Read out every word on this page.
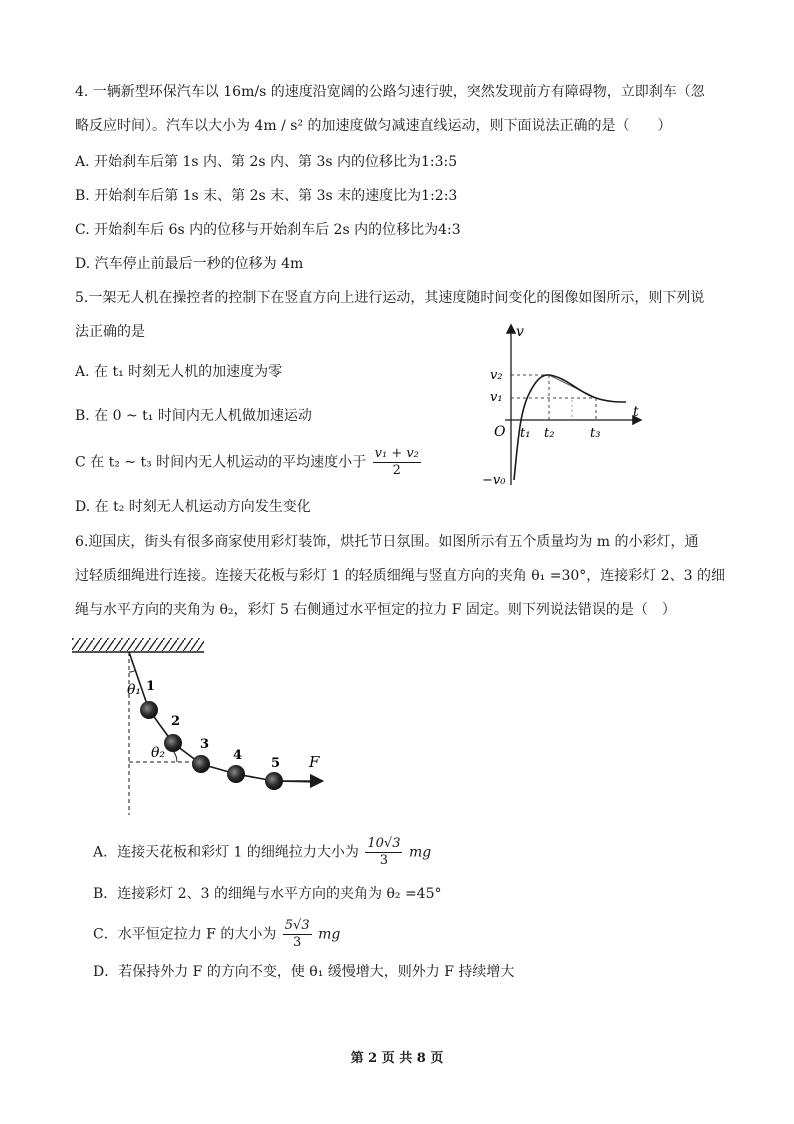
4. 一辆新型环保汽车以 16m/s 的速度沿宽阔的公路匀速行驶，突然发现前方有障碍物，立即刹车（忽
略反应时间）。汽车以大小为 4m / s² 的加速度做匀减速直线运动，则下面说法正确的是（　　）
A. 开始刹车后第 1s 内、第 2s 内、第 3s 内的位移比为1:3:5
B. 开始刹车后第 1s 末、第 2s 末、第 3s 末的速度比为1:2:3
C. 开始刹车后 6s 内的位移与开始刹车后 2s 内的位移比为4:3
D. 汽车停止前最后一秒的位移为 4m
5.一架无人机在操控者的控制下在竖直方向上进行运动，其速度随时间变化的图像如图所示，则下列说
法正确的是
A. 在 t₁ 时刻无人机的加速度为零
B. 在 0 ~ t₁ 时间内无人机做加速运动
C 在 t₂ ~ t₃ 时间内无人机运动的平均速度小于 $\frac{\text{v₁ + v₂}}{2}$
D. 在 t₂ 时刻无人机运动方向发生变化
v
t
O
v₂
v₁
−v₀
t₁ t₂	t₃
6.迎国庆，街头有很多商家使用彩灯装饰，烘托节日氛围。如图所示有五个质量均为 m 的小彩灯，通
过轻质细绳进行连接。连接天花板与彩灯 1 的轻质细绳与竖直方向的夹角 θ₁ =30°，连接彩灯 2、3 的细
绳与水平方向的夹角为 θ₂，彩灯 5 右侧通过水平恒定的拉力 F 固定。则下列说法错误的是（　）
θ₁
θ₂
1
2
3
4
5 F
A．连接天花板和彩灯 1 的细绳拉力大小为 $\frac{10√3}{3}$ mg
B．连接彩灯 2、3 的细绳与水平方向的夹角为 θ₂ =45°
C．水平恒定拉力 F 的大小为 $\frac{5√3}{3}$ mg
D．若保持外力 F 的方向不变，使 θ₁ 缓慢增大，则外力 F 持续增大
第 2 页 共 8 页
